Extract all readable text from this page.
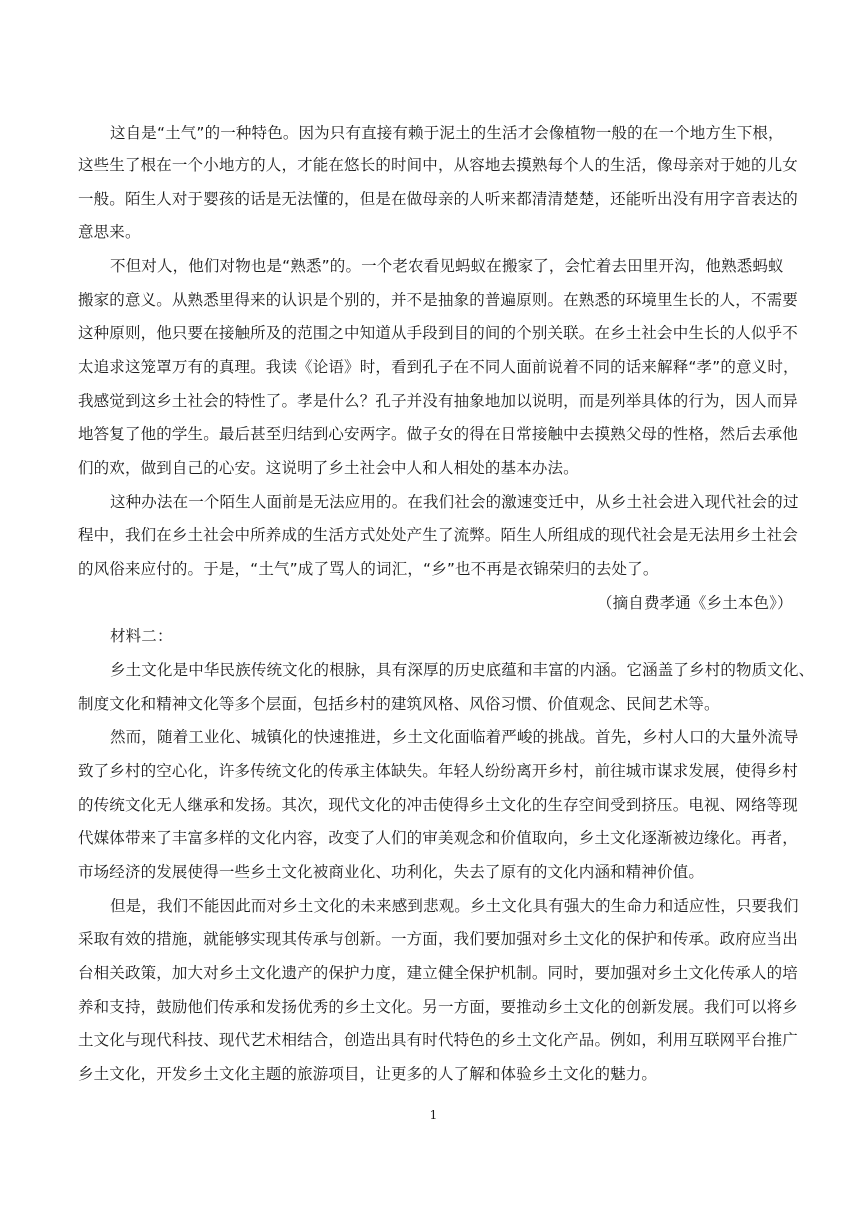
这自是“土气”的一种特色。因为只有直接有赖于泥土的生活才会像植物一般的在一个地方生下根，

这些生了根在一个小地方的人，才能在悠长的时间中，从容地去摸熟每个人的生活，像母亲对于她的儿女

一般。陌生人对于婴孩的话是无法懂的，但是在做母亲的人听来都清清楚楚，还能听出没有用字音表达的

意思来。

不但对人，他们对物也是“熟悉”的。一个老农看见蚂蚁在搬家了，会忙着去田里开沟，他熟悉蚂蚁

搬家的意义。从熟悉里得来的认识是个别的，并不是抽象的普遍原则。在熟悉的环境里生长的人，不需要

这种原则，他只要在接触所及的范围之中知道从手段到目的间的个别关联。在乡土社会中生长的人似乎不

太追求这笼罩万有的真理。我读《论语》时，看到孔子在不同人面前说着不同的话来解释“孝”的意义时，

我感觉到这乡土社会的特性了。孝是什么？孔子并没有抽象地加以说明，而是列举具体的行为，因人而异

地答复了他的学生。最后甚至归结到心安两字。做子女的得在日常接触中去摸熟父母的性格，然后去承他

们的欢，做到自己的心安。这说明了乡土社会中人和人相处的基本办法。

这种办法在一个陌生人面前是无法应用的。在我们社会的激速变迁中，从乡土社会进入现代社会的过

程中，我们在乡土社会中所养成的生活方式处处产生了流弊。陌生人所组成的现代社会是无法用乡土社会

的风俗来应付的。于是，“土气”成了骂人的词汇，“乡”也不再是衣锦荣归的去处了。

（摘自费孝通《乡土本色》）

材料二：

乡土文化是中华民族传统文化的根脉，具有深厚的历史底蕴和丰富的内涵。它涵盖了乡村的物质文化、

制度文化和精神文化等多个层面，包括乡村的建筑风格、风俗习惯、价值观念、民间艺术等。

然而，随着工业化、城镇化的快速推进，乡土文化面临着严峻的挑战。首先，乡村人口的大量外流导

致了乡村的空心化，许多传统文化的传承主体缺失。年轻人纷纷离开乡村，前往城市谋求发展，使得乡村

的传统文化无人继承和发扬。其次，现代文化的冲击使得乡土文化的生存空间受到挤压。电视、网络等现

代媒体带来了丰富多样的文化内容，改变了人们的审美观念和价值取向，乡土文化逐渐被边缘化。再者，

市场经济的发展使得一些乡土文化被商业化、功利化，失去了原有的文化内涵和精神价值。

但是，我们不能因此而对乡土文化的未来感到悲观。乡土文化具有强大的生命力和适应性，只要我们

采取有效的措施，就能够实现其传承与创新。一方面，我们要加强对乡土文化的保护和传承。政府应当出

台相关政策，加大对乡土文化遗产的保护力度，建立健全保护机制。同时，要加强对乡土文化传承人的培

养和支持，鼓励他们传承和发扬优秀的乡土文化。另一方面，要推动乡土文化的创新发展。我们可以将乡

土文化与现代科技、现代艺术相结合，创造出具有时代特色的乡土文化产品。例如，利用互联网平台推广

乡土文化，开发乡土文化主题的旅游项目，让更多的人了解和体验乡土文化的魅力。

1
